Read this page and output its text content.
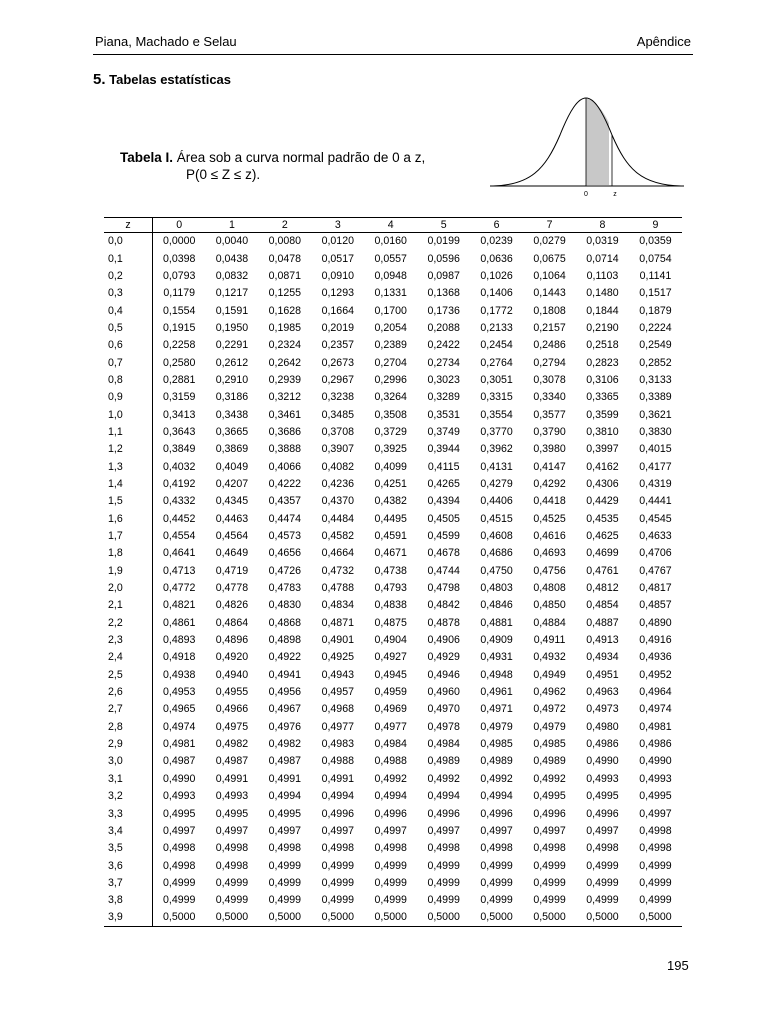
Piana, Machado e Selau	Apêndice
5. Tabelas estatísticas
Tabela I. Área sob a curva normal padrão de 0 a z,
P(0 ≤ Z ≤ z).
0	z
z	0	1	2	3	4	5	6	7	8	9
0,0	0,0000	0,0040	0,0080	0,0120	0,0160	0,0199	0,0239	0,0279	0,0319	0,0359
0,1	0,0398	0,0438	0,0478	0,0517	0,0557	0,0596	0,0636	0,0675	0,0714	0,0754
0,2	0,0793	0,0832	0,0871	0,0910	0,0948	0,0987	0,1026	0,1064	0,1103	0,1141
0,3	0,1179	0,1217	0,1255	0,1293	0,1331	0,1368	0,1406	0,1443	0,1480	0,1517
0,4	0,1554	0,1591	0,1628	0,1664	0,1700	0,1736	0,1772	0,1808	0,1844	0,1879
0,5	0,1915	0,1950	0,1985	0,2019	0,2054	0,2088	0,2133	0,2157	0,2190	0,2224
0,6	0,2258	0,2291	0,2324	0,2357	0,2389	0,2422	0,2454	0,2486	0,2518	0,2549
0,7	0,2580	0,2612	0,2642	0,2673	0,2704	0,2734	0,2764	0,2794	0,2823	0,2852
0,8	0,2881	0,2910	0,2939	0,2967	0,2996	0,3023	0,3051	0,3078	0,3106	0,3133
0,9	0,3159	0,3186	0,3212	0,3238	0,3264	0,3289	0,3315	0,3340	0,3365	0,3389
1,0	0,3413	0,3438	0,3461	0,3485	0,3508	0,3531	0,3554	0,3577	0,3599	0,3621
1,1	0,3643	0,3665	0,3686	0,3708	0,3729	0,3749	0,3770	0,3790	0,3810	0,3830
1,2	0,3849	0,3869	0,3888	0,3907	0,3925	0,3944	0,3962	0,3980	0,3997	0,4015
1,3	0,4032	0,4049	0,4066	0,4082	0,4099	0,4115	0,4131	0,4147	0,4162	0,4177
1,4	0,4192	0,4207	0,4222	0,4236	0,4251	0,4265	0,4279	0,4292	0,4306	0,4319
1,5	0,4332	0,4345	0,4357	0,4370	0,4382	0,4394	0,4406	0,4418	0,4429	0,4441
1,6	0,4452	0,4463	0,4474	0,4484	0,4495	0,4505	0,4515	0,4525	0,4535	0,4545
1,7	0,4554	0,4564	0,4573	0,4582	0,4591	0,4599	0,4608	0,4616	0,4625	0,4633
1,8	0,4641	0,4649	0,4656	0,4664	0,4671	0,4678	0,4686	0,4693	0,4699	0,4706
1,9	0,4713	0,4719	0,4726	0,4732	0,4738	0,4744	0,4750	0,4756	0,4761	0,4767
2,0	0,4772	0,4778	0,4783	0,4788	0,4793	0,4798	0,4803	0,4808	0,4812	0,4817
2,1	0,4821	0,4826	0,4830	0,4834	0,4838	0,4842	0,4846	0,4850	0,4854	0,4857
2,2	0,4861	0,4864	0,4868	0,4871	0,4875	0,4878	0,4881	0,4884	0,4887	0,4890
2,3	0,4893	0,4896	0,4898	0,4901	0,4904	0,4906	0,4909	0,4911	0,4913	0,4916
2,4	0,4918	0,4920	0,4922	0,4925	0,4927	0,4929	0,4931	0,4932	0,4934	0,4936
2,5	0,4938	0,4940	0,4941	0,4943	0,4945	0,4946	0,4948	0,4949	0,4951	0,4952
2,6	0,4953	0,4955	0,4956	0,4957	0,4959	0,4960	0,4961	0,4962	0,4963	0,4964
2,7	0,4965	0,4966	0,4967	0,4968	0,4969	0,4970	0,4971	0,4972	0,4973	0,4974
2,8	0,4974	0,4975	0,4976	0,4977	0,4977	0,4978	0,4979	0,4979	0,4980	0,4981
2,9	0,4981	0,4982	0,4982	0,4983	0,4984	0,4984	0,4985	0,4985	0,4986	0,4986
3,0	0,4987	0,4987	0,4987	0,4988	0,4988	0,4989	0,4989	0,4989	0,4990	0,4990
3,1	0,4990	0,4991	0,4991	0,4991	0,4992	0,4992	0,4992	0,4992	0,4993	0,4993
3,2	0,4993	0,4993	0,4994	0,4994	0,4994	0,4994	0,4994	0,4995	0,4995	0,4995
3,3	0,4995	0,4995	0,4995	0,4996	0,4996	0,4996	0,4996	0,4996	0,4996	0,4997
3,4	0,4997	0,4997	0,4997	0,4997	0,4997	0,4997	0,4997	0,4997	0,4997	0,4998
3,5	0,4998	0,4998	0,4998	0,4998	0,4998	0,4998	0,4998	0,4998	0,4998	0,4998
3,6	0,4998	0,4998	0,4999	0,4999	0,4999	0,4999	0,4999	0,4999	0,4999	0,4999
3,7	0,4999	0,4999	0,4999	0,4999	0,4999	0,4999	0,4999	0,4999	0,4999	0,4999
3,8	0,4999	0,4999	0,4999	0,4999	0,4999	0,4999	0,4999	0,4999	0,4999	0,4999
3,9	0,5000	0,5000	0,5000	0,5000	0,5000	0,5000	0,5000	0,5000	0,5000	0,5000
195
